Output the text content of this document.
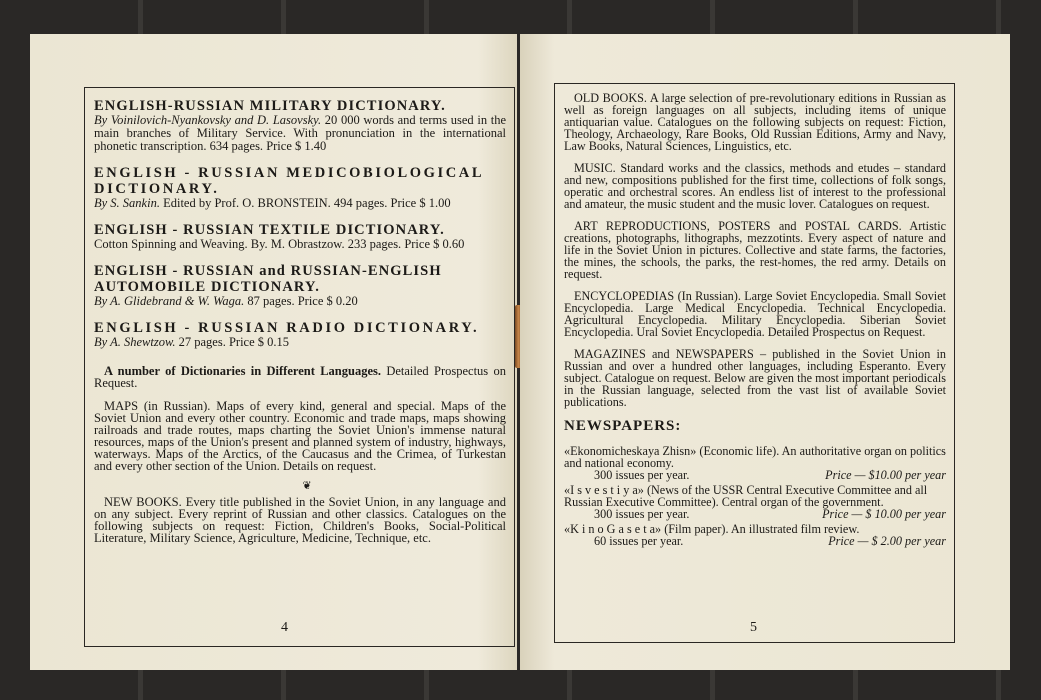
ENGLISH-RUSSIAN MILITARY DICTIONARY.
By Voinilovich-Nyankovsky and D. Lasovsky. 20 000 words and terms used in the main branches of Military Service. With pronunciation in the international phonetic transcription. 634 pages. Price $ 1.40
ENGLISH - RUSSIAN MEDICOBIOLOGICAL DICTIONARY.
By S. Sankin. Edited by Prof. O. BRONSTEIN. 494 pages. Price $ 1.00
ENGLISH - RUSSIAN TEXTILE DICTIONARY.
Cotton Spinning and Weaving. By. M. Obrastzow. 233 pages. Price $ 0.60
ENGLISH - RUSSIAN and RUSSIAN-ENGLISH AUTOMOBILE DICTIONARY.
By A. Glidebrand & W. Waga. 87 pages. Price $ 0.20
ENGLISH - RUSSIAN RADIO DICTIONARY.
By A. Shewtzow. 27 pages. Price $ 0.15
A number of Dictionaries in Different Languages. Detailed Prospectus on Request.
MAPS (in Russian). Maps of every kind, general and special. Maps of the Soviet Union and every other country. Economic and trade maps, maps showing railroads and trade routes, maps charting the Soviet Union's immense natural resources, maps of the Union's present and planned system of industry, highways, waterways. Maps of the Arctics, of the Caucasus and the Crimea, of Turkestan and every other section of the Union. Details on request.
❦
NEW BOOKS. Every title published in the Soviet Union, in any language and on any subject. Every reprint of Russian and other classics. Catalogues on the following subjects on request: Fiction, Children's Books, Social-Political Literature, Military Science, Agriculture, Medicine, Technique, etc.
4
OLD BOOKS. A large selection of pre-revolutionary editions in Russian as well as foreign languages on all subjects, including items of unique antiquarian value. Catalogues on the following subjects on request: Fiction, Theology, Archaeology, Rare Books, Old Russian Editions, Army and Navy, Law Books, Natural Sciences, Linguistics, etc.
MUSIC. Standard works and the classics, methods and etudes – standard and new, compositions published for the first time, collections of folk songs, operatic and orchestral scores. An endless list of interest to the professional and amateur, the music student and the music lover. Catalogues on request.
ART REPRODUCTIONS, POSTERS and POSTAL CARDS. Artistic creations, photographs, lithographs, mezzotints. Every aspect of nature and life in the Soviet Union in pictures. Collective and state farms, the factories, the mines, the schools, the parks, the rest-homes, the red army. Details on request.
ENCYCLOPEDIAS (In Russian). Large Soviet Encyclopedia. Small Soviet Encyclopedia. Large Medical Encyclopedia. Technical Encyclopedia. Agricultural Encyclopedia. Military Encyclopedia. Siberian Soviet Encyclopedia. Ural Soviet Encyclopedia. Detailed Prospectus on Request.
MAGAZINES and NEWSPAPERS – published in the Soviet Union in Russian and over a hundred other languages, including Esperanto. Every subject. Catalogue on request. Below are given the most important periodicals in the Russian language, selected from the vast list of available Soviet publications.
NEWSPAPERS:
«Ekonomicheskaya Zhisn» (Economic life). An authoritative organ on politics and national economy.
300 issues per year.	Price — $10.00 per year
«I s v e s t i y a» (News of the USSR Central Executive Committee and all Russian Executive Committee). Central organ of the government.
300 issues per year.	Price — $ 10.00 per year
«K i n o G a s e t a» (Film paper). An illustrated film review.
60 issues per year.	Price — $ 2.00 per year
5
